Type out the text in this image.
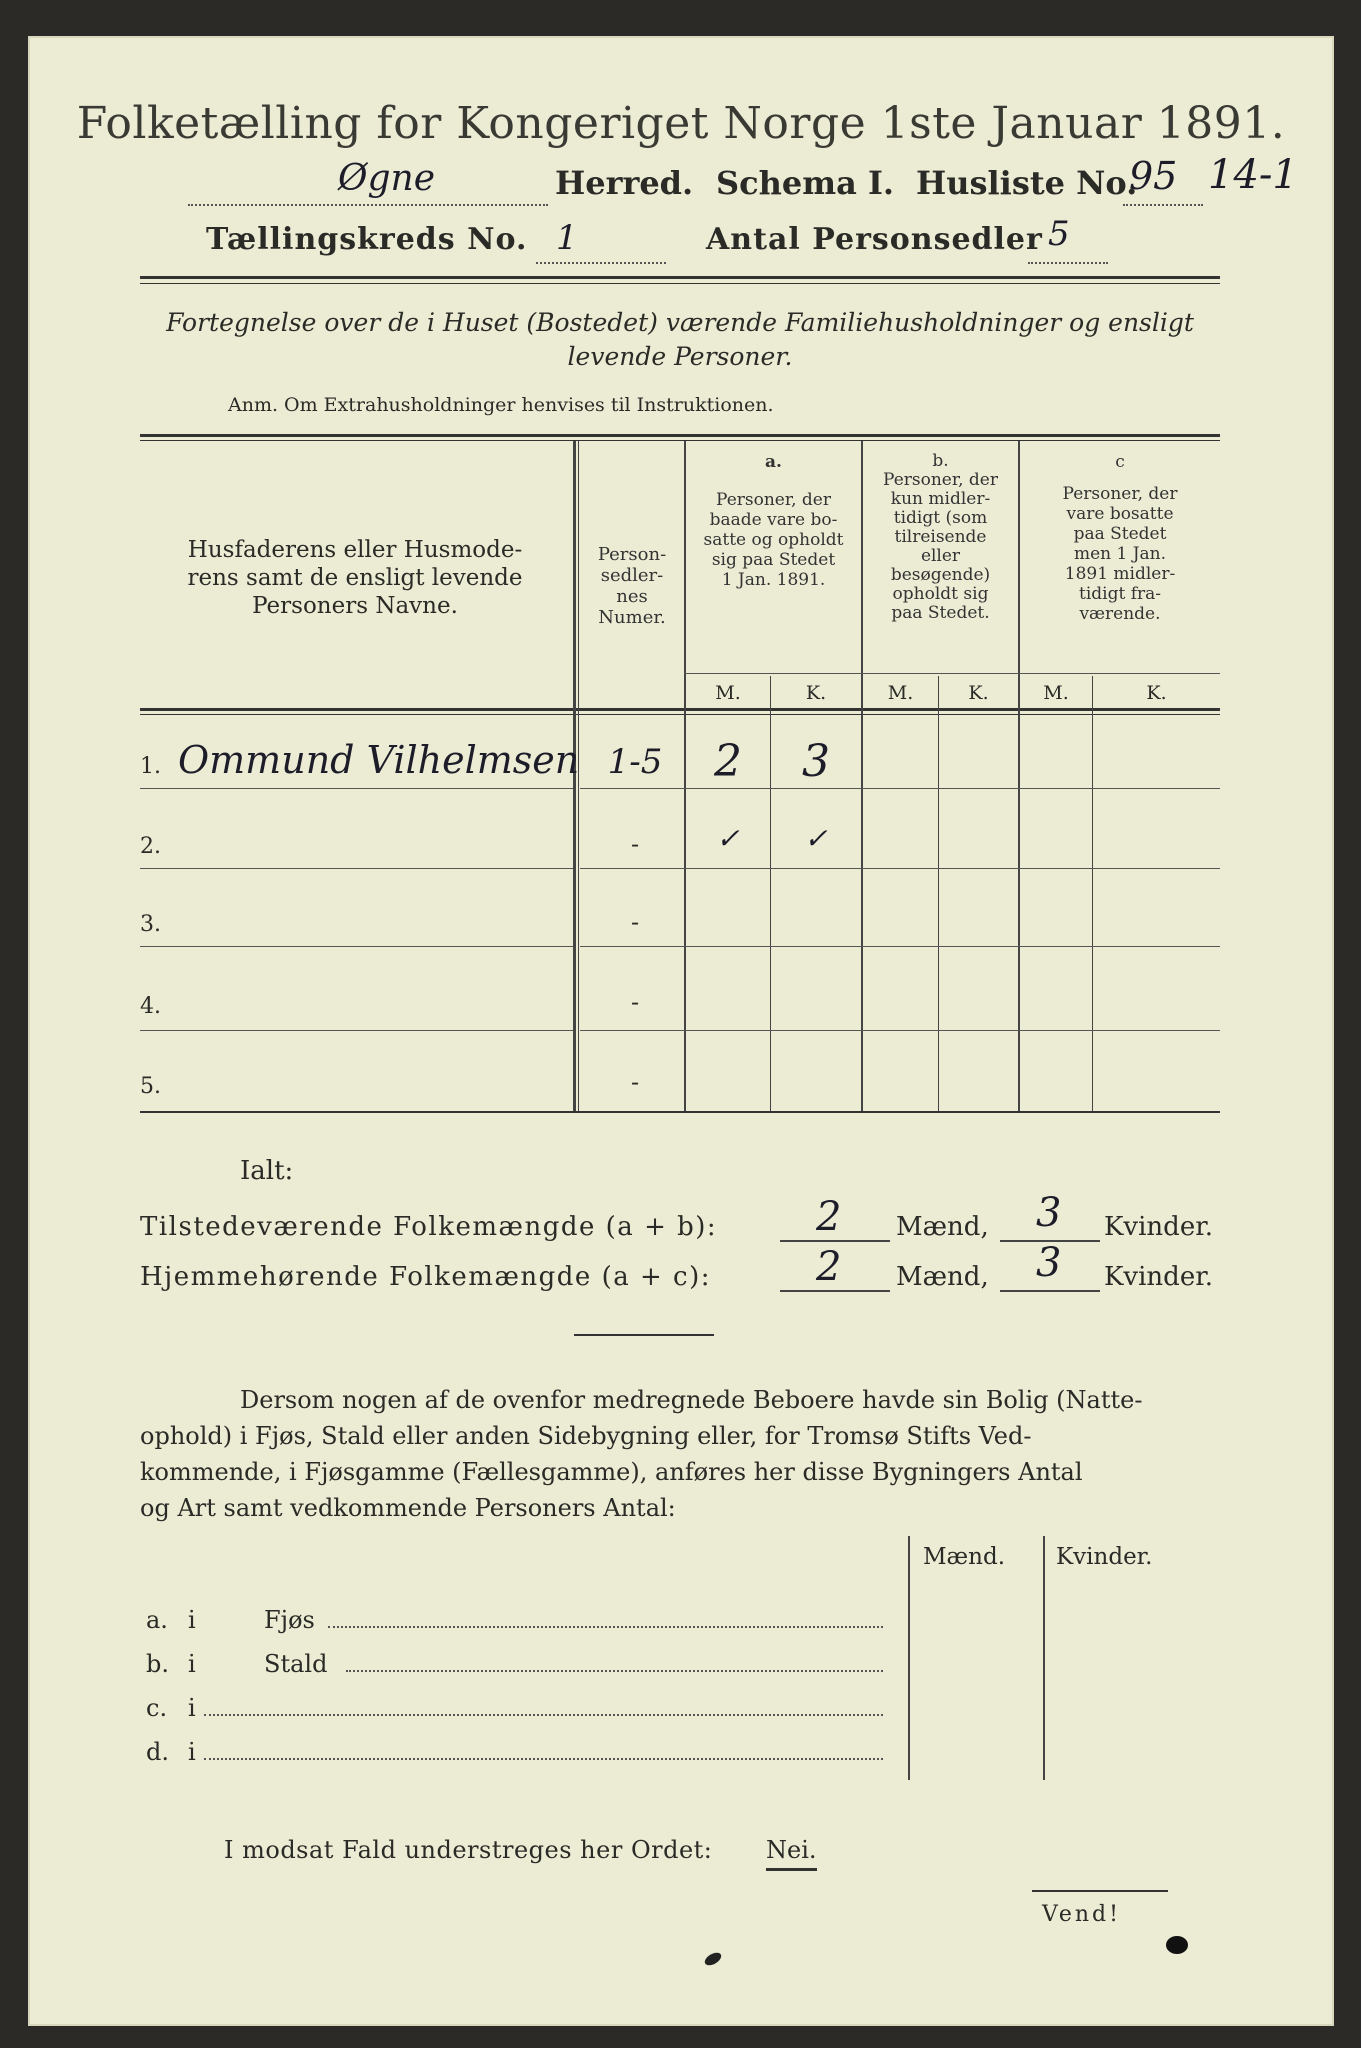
Folketælling for Kongeriget Norge 1ste Januar 1891.
Øgne	Herred. Schema I. Husliste No.
95 14-1
Tællingskreds No. 1	Antal Personsedler 5
Fortegnelse over de i Huset (Bostedet) værende Familiehusholdninger og ensligt
levende Personer.
Anm. Om Extrahusholdninger henvises til Instruktionen.
Husfaderens eller Husmode-
rens samt de ensligt levende
Personers Navne.
Person-
sedler-
nes
Numer.
a.
Personer, der
baade vare bo-
satte og opholdt
sig paa Stedet
1 Jan. 1891.
b.
Personer, der
kun midler-
tidigt (som
tilreisende
eller
besøgende)
opholdt sig
paa Stedet.
c
Personer, der
vare bosatte
paa Stedet
men 1 Jan.
1891 midler-
tidigt fra-
værende.
M.	K.	M.	K.	M.	K.
1. Ommund Vilhelmsen 1-5	2	3
2.	-	✓	✓
3.	-
4.	-
5.	-
Ialt:
Tilstedeværende Folkemængde (a + b): 2 Mænd, 3 Kvinder.
Hjemmehørende Folkemængde (a + c):	2 Mænd, 3 Kvinder.
Dersom nogen af de ovenfor medregnede Beboere havde sin Bolig (Natte-
ophold) i Fjøs, Stald eller anden Sidebygning eller, for Tromsø Stifts Ved-
kommende, i Fjøsgamme (Fællesgamme), anføres her disse Bygningers Antal
og Art samt vedkommende Personers Antal:
Mænd. Kvinder.
a. i	Fjøs
b. i	Stald
c. i
d. i
I modsat Fald understreges her Ordet: Nei.
Vend!
